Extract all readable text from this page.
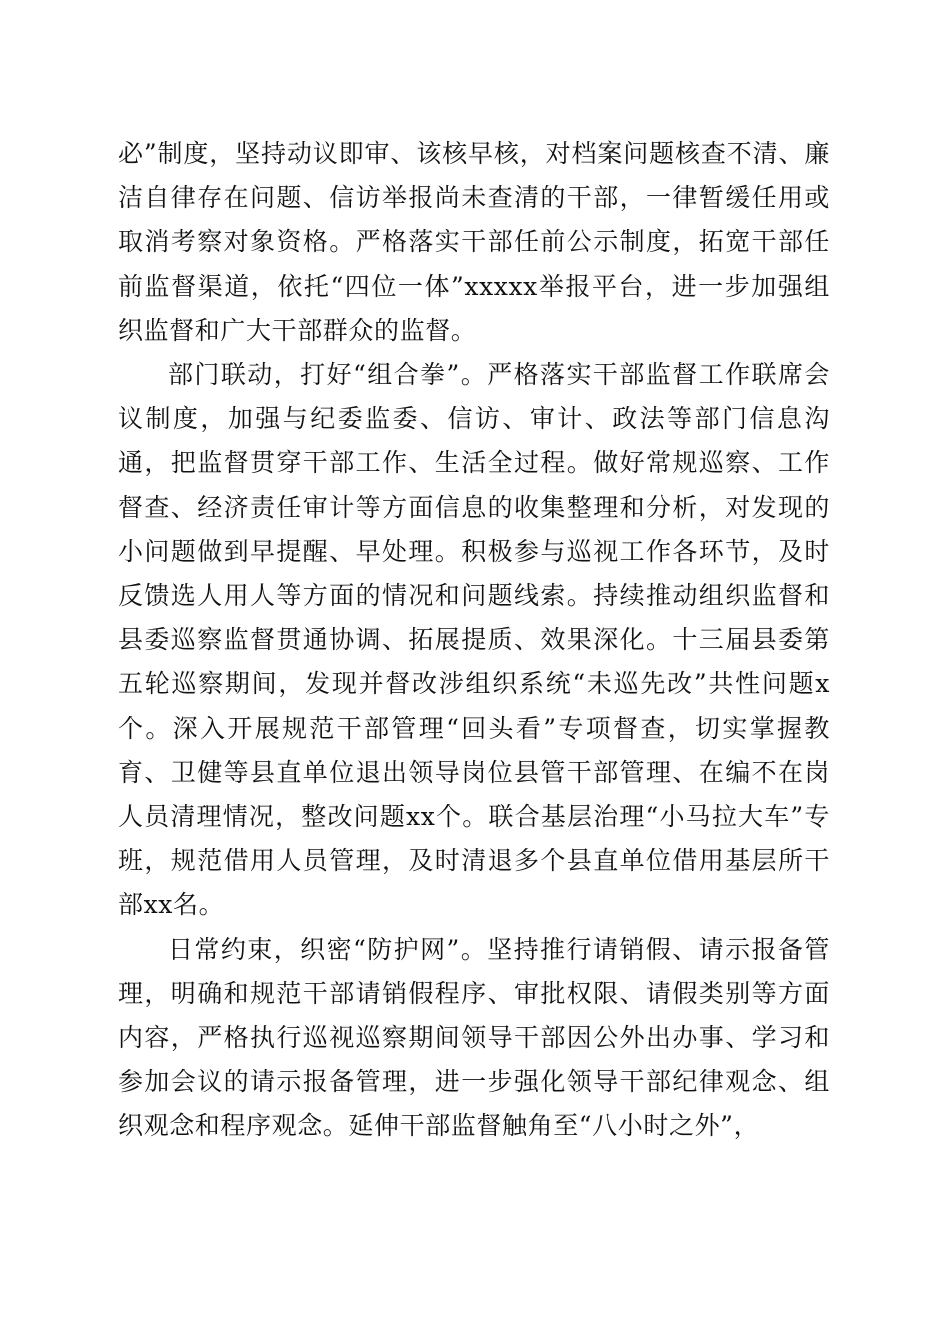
必”制度，坚持动议即审、该核早核，对档案问题核查不清、廉洁自律存在问题、信访举报尚未查清的干部，一律暂缓任用或取消考察对象资格。严格落实干部任前公示制度，拓宽干部任前监督渠道，依托“四位一体”xxxxx举报平台，进一步加强组织监督和广大干部群众的监督。

部门联动，打好“组合拳”。严格落实干部监督工作联席会议制度，加强与纪委监委、信访、审计、政法等部门信息沟通，把监督贯穿干部工作、生活全过程。做好常规巡察、工作督查、经济责任审计等方面信息的收集整理和分析，对发现的小问题做到早提醒、早处理。积极参与巡视工作各环节，及时反馈选人用人等方面的情况和问题线索。持续推动组织监督和县委巡察监督贯通协调、拓展提质、效果深化。十三届县委第五轮巡察期间，发现并督改涉组织系统“未巡先改”共性问题x个。深入开展规范干部管理“回头看”专项督查，切实掌握教育、卫健等县直单位退出领导岗位县管干部管理、在编不在岗人员清理情况，整改问题xx个。联合基层治理“小马拉大车”专班，规范借用人员管理，及时清退多个县直单位借用基层所干部xx名。

日常约束，织密“防护网”。坚持推行请销假、请示报备管理，明确和规范干部请销假程序、审批权限、请假类别等方面内容，严格执行巡视巡察期间领导干部因公外出办事、学习和参加会议的请示报备管理，进一步强化领导干部纪律观念、组织观念和程序观念。延伸干部监督触角至“八小时之外”，
